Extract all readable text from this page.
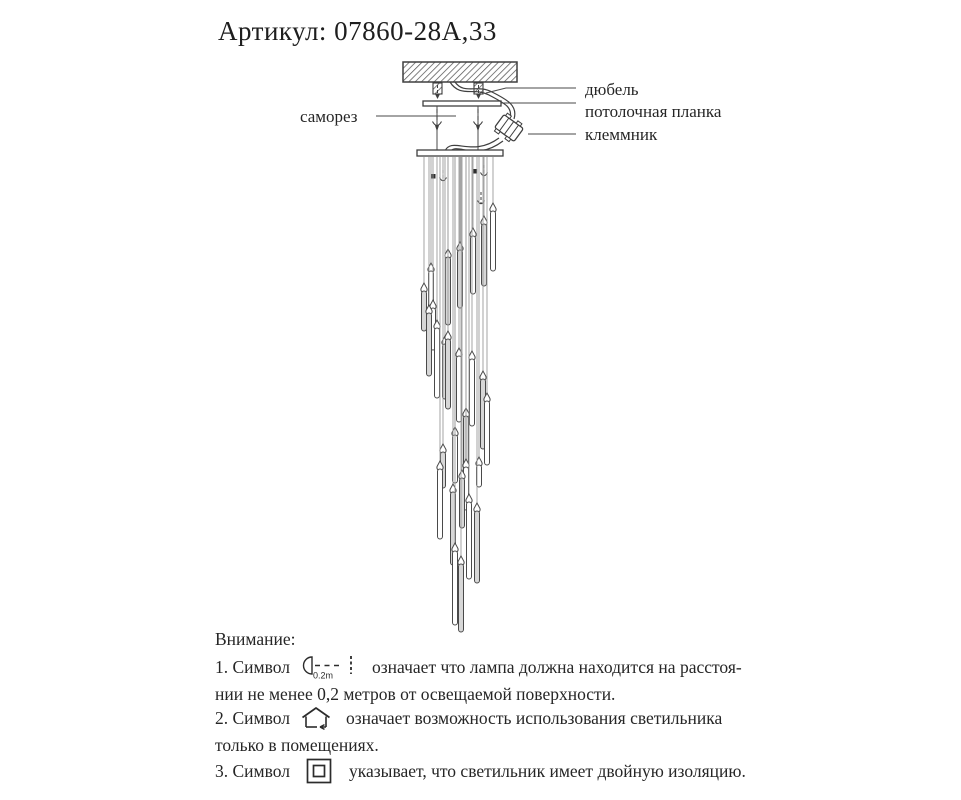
Артикул: 07860-28А,33
саморез
дюбель
потолочная планка
клеммник
Внимание:
1. Символ	0.2m означает что лампа должна находится на расстоя-
нии не менее 0,2 метров от освещаемой поверхности.
2. Символ	означает возможность использования светильника
только в помещениях.
3. Символ	указывает, что светильник имеет двойную изоляцию.
